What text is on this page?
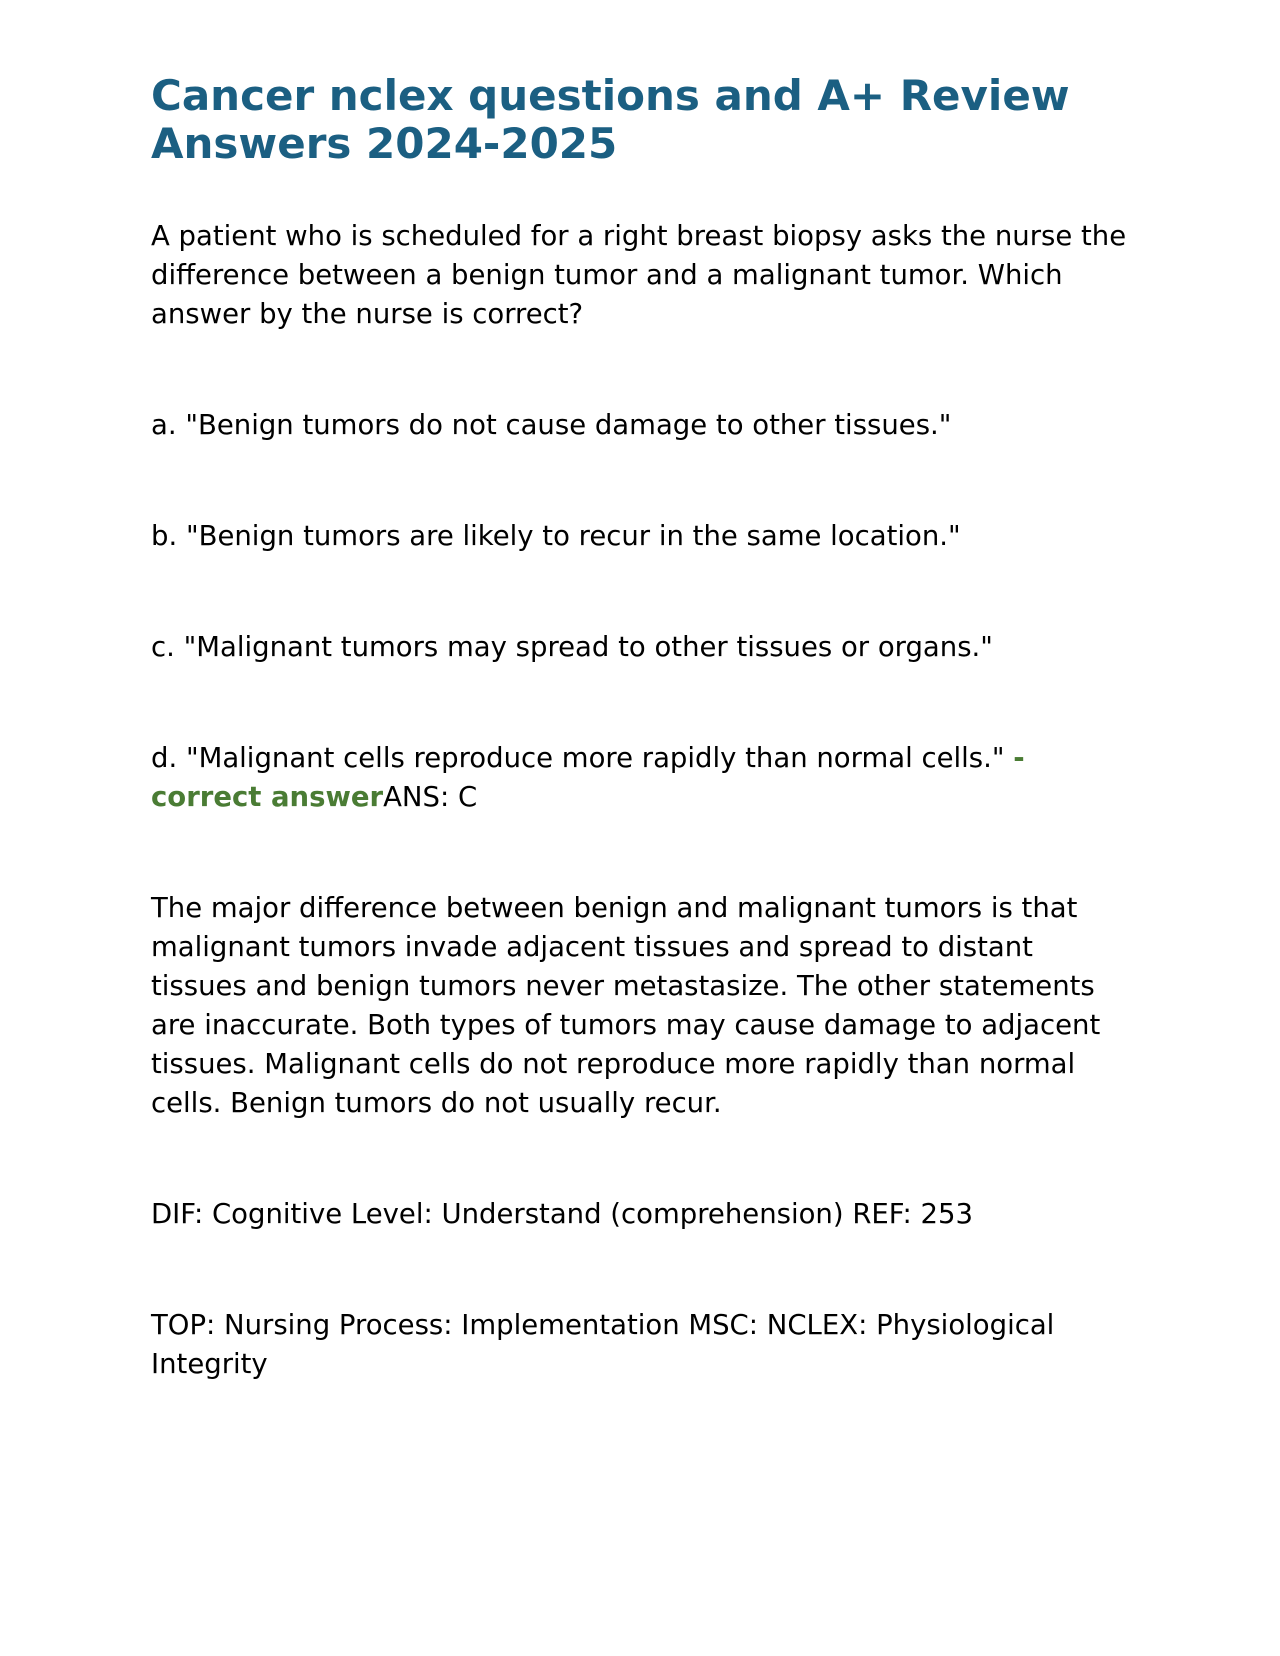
Cancer nclex questions and A+ Review Answers 2024-2025

A patient who is scheduled for a right breast biopsy asks the nurse the difference between a benign tumor and a malignant tumor. Which answer by the nurse is correct?

a. "Benign tumors do not cause damage to other tissues."

b. "Benign tumors are likely to recur in the same location."

c. "Malignant tumors may spread to other tissues or organs."

d. "Malignant cells reproduce more rapidly than normal cells." - correct answerANS: C

The major difference between benign and malignant tumors is that malignant tumors invade adjacent tissues and spread to distant tissues and benign tumors never metastasize. The other statements are inaccurate. Both types of tumors may cause damage to adjacent tissues. Malignant cells do not reproduce more rapidly than normal cells. Benign tumors do not usually recur.

DIF: Cognitive Level: Understand (comprehension) REF: 253

TOP: Nursing Process: Implementation MSC: NCLEX: Physiological Integrity
